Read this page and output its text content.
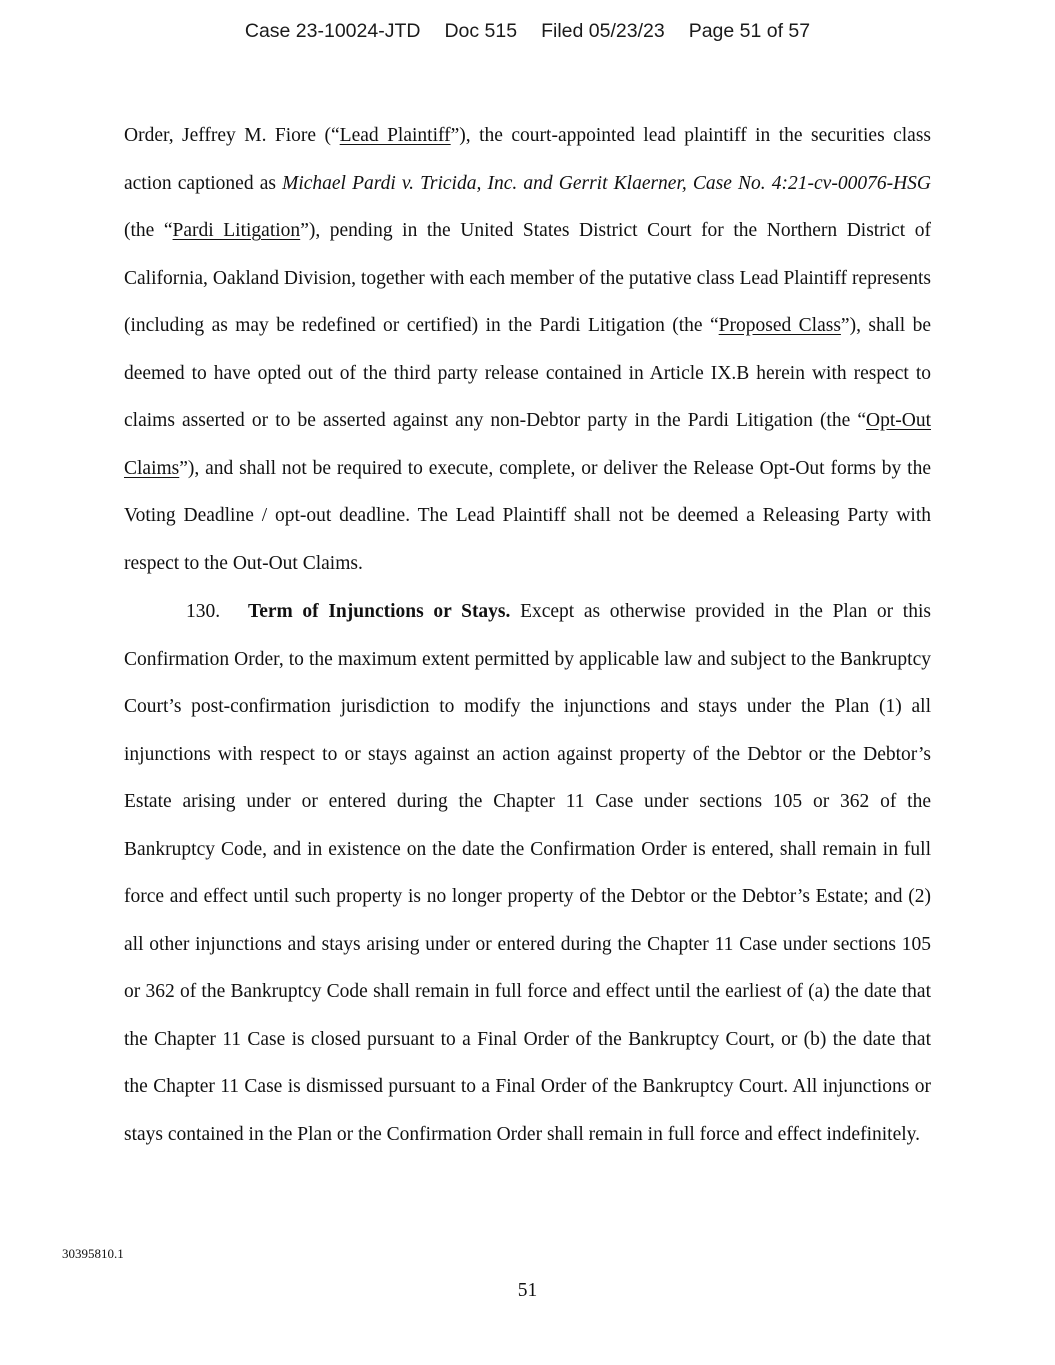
Case 23-10024-JTD Doc 515 Filed 05/23/23 Page 51 of 57
Order, Jeffrey M. Fiore (“Lead Plaintiff”), the court-appointed lead plaintiff in the securities class action captioned as Michael Pardi v. Tricida, Inc. and Gerrit Klaerner, Case No. 4:21-cv-00076-HSG (the “Pardi Litigation”), pending in the United States District Court for the Northern District of California, Oakland Division, together with each member of the putative class Lead Plaintiff represents (including as may be redefined or certified) in the Pardi Litigation (the “Proposed Class”), shall be deemed to have opted out of the third party release contained in Article IX.B herein with respect to claims asserted or to be asserted against any non-Debtor party in the Pardi Litigation (the “Opt-Out Claims”), and shall not be required to execute, complete, or deliver the Release Opt-Out forms by the Voting Deadline / opt-out deadline. The Lead Plaintiff shall not be deemed a Releasing Party with respect to the Out-Out Claims.
130. Term of Injunctions or Stays. Except as otherwise provided in the Plan or this Confirmation Order, to the maximum extent permitted by applicable law and subject to the Bankruptcy Court’s post-confirmation jurisdiction to modify the injunctions and stays under the Plan (1) all injunctions with respect to or stays against an action against property of the Debtor or the Debtor’s Estate arising under or entered during the Chapter 11 Case under sections 105 or 362 of the Bankruptcy Code, and in existence on the date the Confirmation Order is entered, shall remain in full force and effect until such property is no longer property of the Debtor or the Debtor’s Estate; and (2) all other injunctions and stays arising under or entered during the Chapter 11 Case under sections 105 or 362 of the Bankruptcy Code shall remain in full force and effect until the earliest of (a) the date that the Chapter 11 Case is closed pursuant to a Final Order of the Bankruptcy Court, or (b) the date that the Chapter 11 Case is dismissed pursuant to a Final Order of the Bankruptcy Court. All injunctions or stays contained in the Plan or the Confirmation Order shall remain in full force and effect indefinitely.
30395810.1
51
